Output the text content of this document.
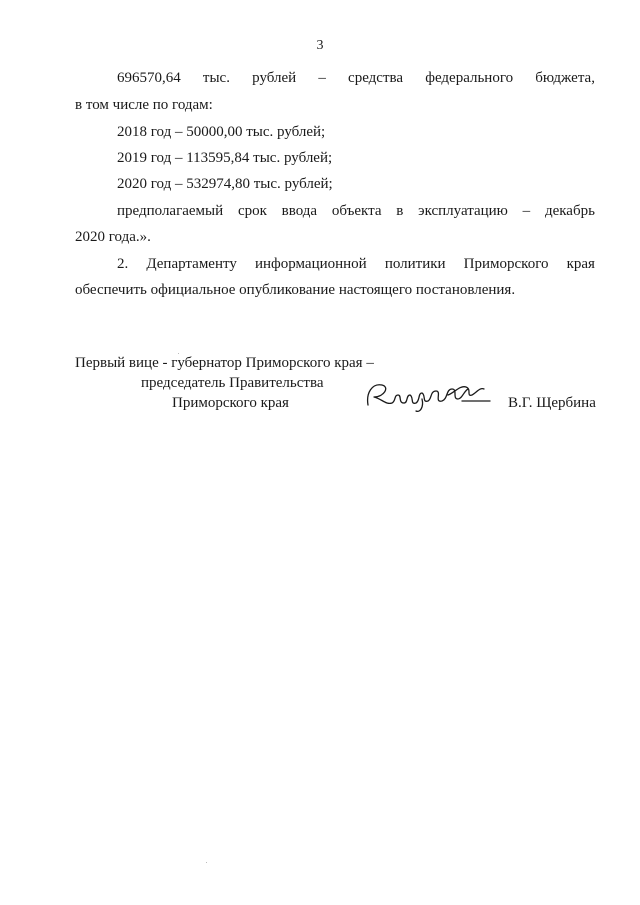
3
696570,64 тыс. рублей – средства федерального бюджета,
в том числе по годам:
2018 год – 50000,00 тыс. рублей;
2019 год – 113595,84 тыс. рублей;
2020 год – 532974,80 тыс. рублей;
предполагаемый срок ввода объекта в эксплуатацию – декабрь
2020 года.».
2. Департаменту информационной политики Приморского края
обеспечить официальное опубликование настоящего постановления.
Первый вице - губернатор Приморского края –
председатель Правительства
Приморского края	В.Г. Щербина
